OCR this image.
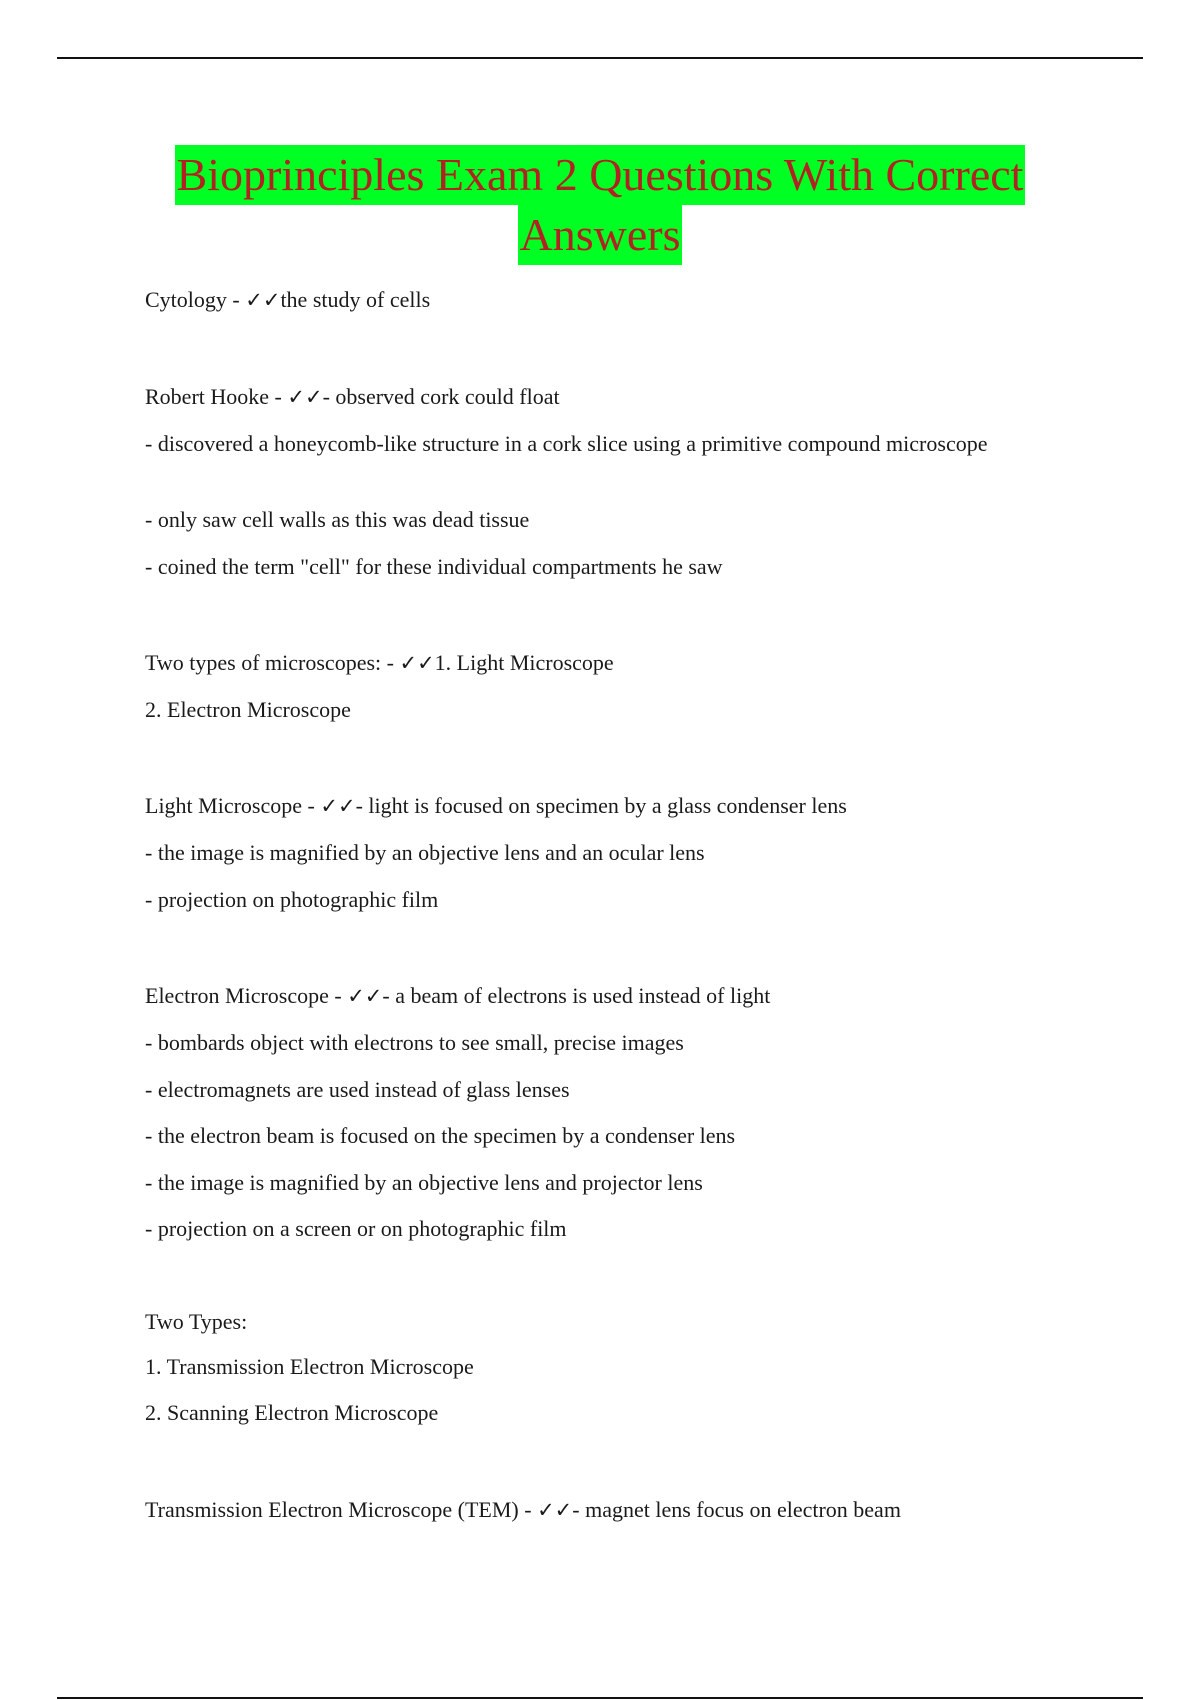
Bioprinciples Exam 2 Questions With Correct
Answers
Cytology - ✓✓the study of cells
Robert Hooke - ✓✓- observed cork could float
- discovered a honeycomb-like structure in a cork slice using a primitive compound microscope
- only saw cell walls as this was dead tissue
- coined the term "cell" for these individual compartments he saw
Two types of microscopes: - ✓✓1. Light Microscope
2. Electron Microscope
Light Microscope - ✓✓- light is focused on specimen by a glass condenser lens
- the image is magnified by an objective lens and an ocular lens
- projection on photographic film
Electron Microscope - ✓✓- a beam of electrons is used instead of light
- bombards object with electrons to see small, precise images
- electromagnets are used instead of glass lenses
- the electron beam is focused on the specimen by a condenser lens
- the image is magnified by an objective lens and projector lens
- projection on a screen or on photographic film
Two Types:
1. Transmission Electron Microscope
2. Scanning Electron Microscope
Transmission Electron Microscope (TEM) - ✓✓- magnet lens focus on electron beam
